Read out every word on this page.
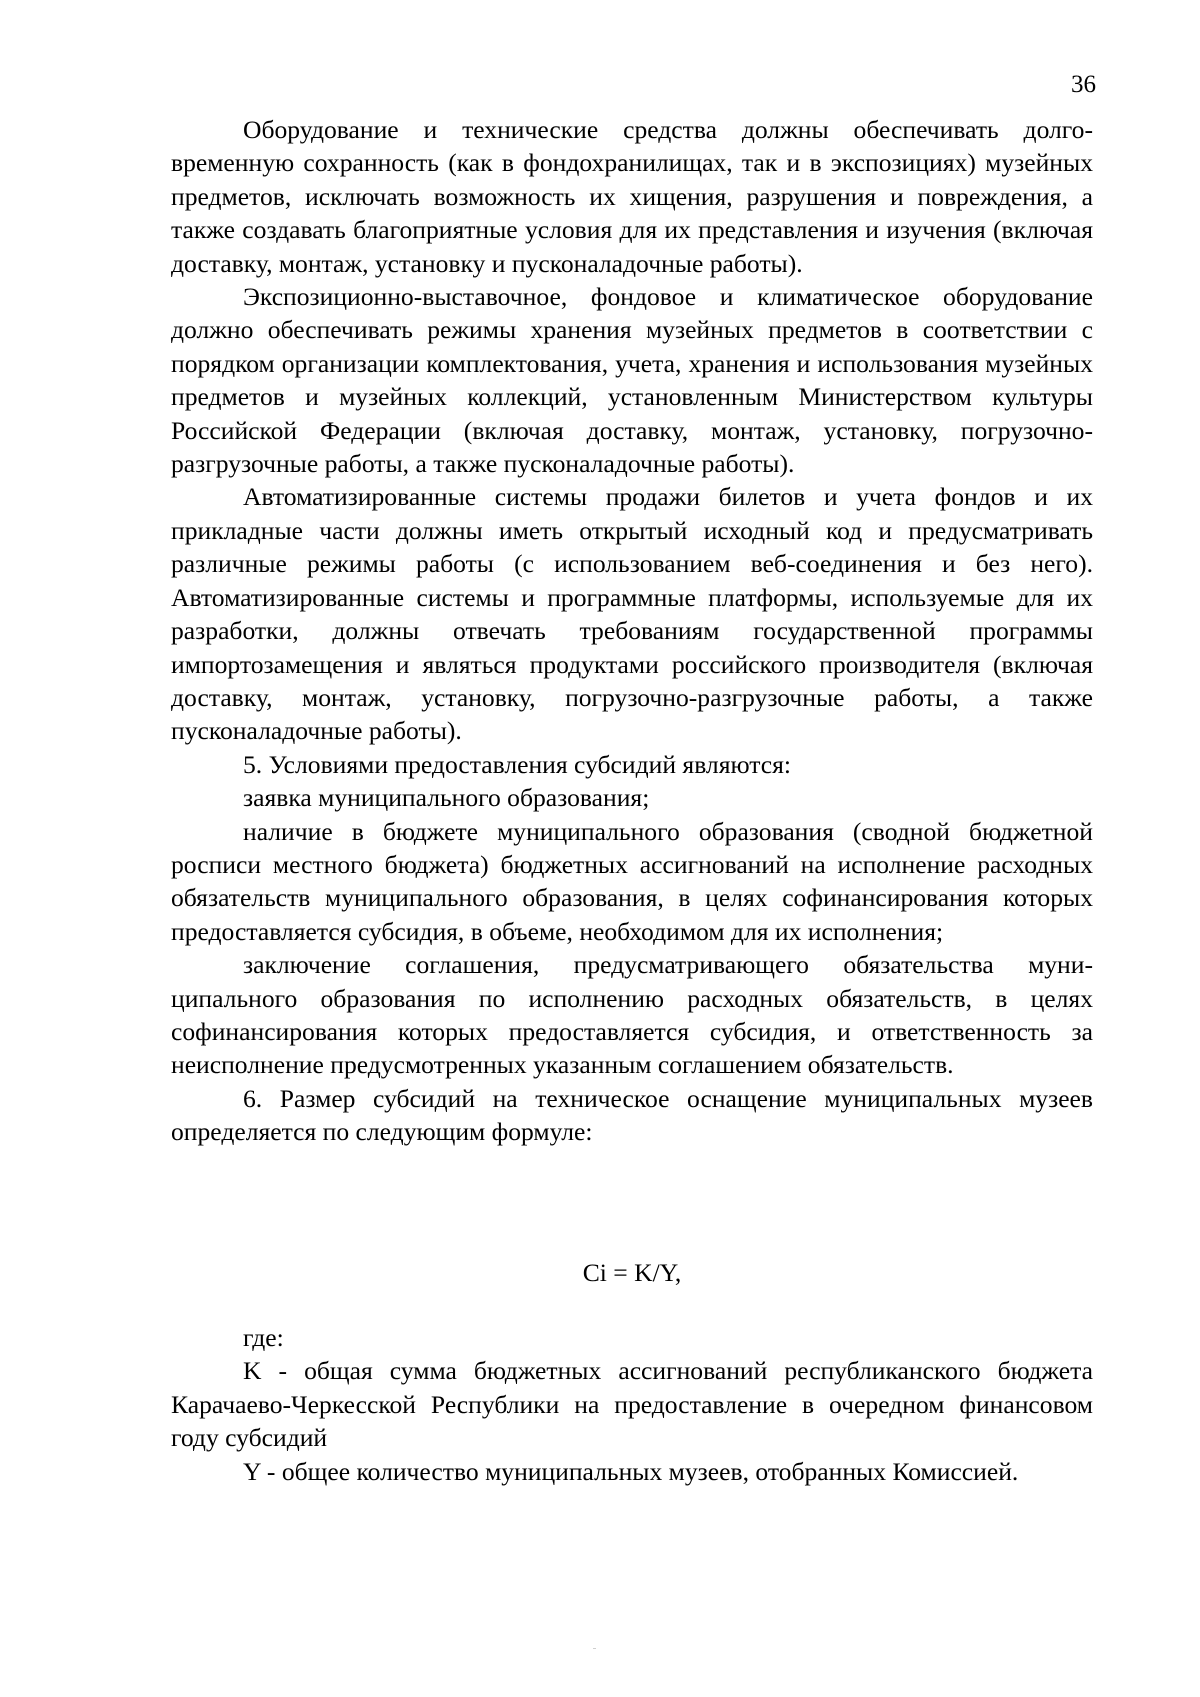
36

Оборудование и технические средства должны обеспечивать долговременную сохранность (как в фондохранилищах, так и в экспозициях) музейных предметов, исключать возможность их хищения, разрушения и повреждения, а также создавать благоприятные условия для их представления и изучения (включая доставку, монтаж, установку и пусконаладочные работы).

Экспозиционно-выставочное, фондовое и климатическое оборудование должно обеспечивать режимы хранения музейных предметов в соответствии с порядком организации комплектования, учета, хранения и использования музейных предметов и музейных коллекций, установленным Министерством культуры Российской Федерации (включая доставку, монтаж, установку, погрузочно-разгрузочные работы, а также пусконаладочные работы).

Автоматизированные системы продажи билетов и учета фондов и их прикладные части должны иметь открытый исходный код и предусматривать различные режимы работы (с использованием веб-соединения и без него). Автоматизированные системы и программные платформы, используемые для их разработки, должны отвечать требованиям государственной программы импортозамещения и являться продуктами российского производителя (включая доставку, монтаж, установку, погрузочно-разгрузочные работы, а также пусконаладочные работы).

5. Условиями предоставления субсидий являются:

заявка муниципального образования;

наличие в бюджете муниципального образования (сводной бюджетной росписи местного бюджета) бюджетных ассигнований на исполнение расходных обязательств муниципального образования, в целях софинансирования которых предоставляется субсидия, в объеме, необходимом для их исполнения;

заключение соглашения, предусматривающего обязательства муниципального образования по исполнению расходных обязательств, в целях софинансирования которых предоставляется субсидия, и ответственность за неисполнение предусмотренных указанным соглашением обязательств.

6. Размер субсидий на техническое оснащение муниципальных музеев определяется по следующим формуле:

Ci = K/Y,

где:

K - общая сумма бюджетных ассигнований республиканского бюджета Карачаево-Черкесской Республики на предоставление в очередном финансовом году субсидий

Y - общее количество муниципальных музеев, отобранных Комиссией.
